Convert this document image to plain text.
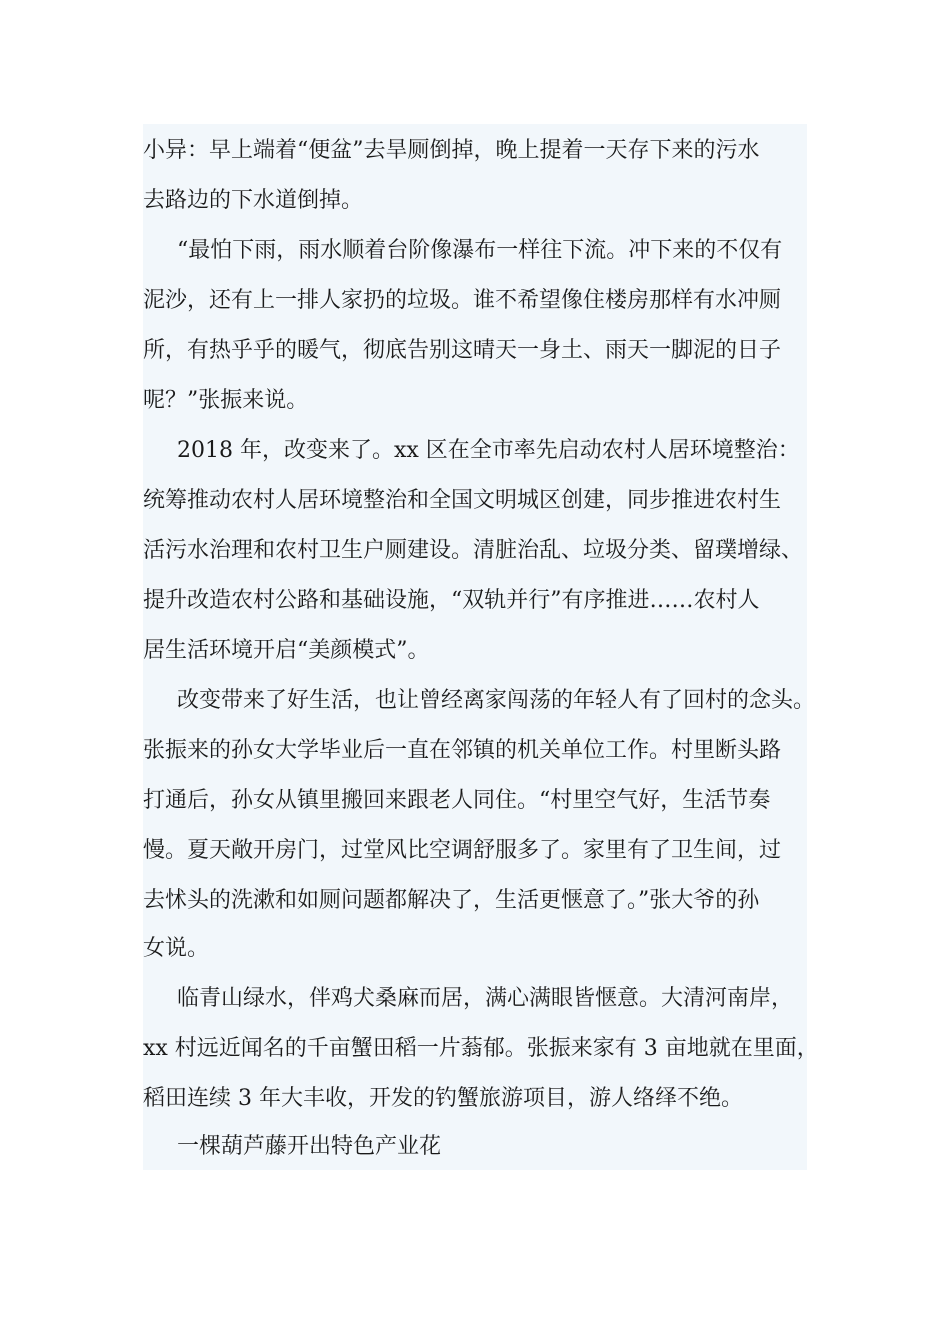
小异：早上端着“便盆”去旱厕倒掉，晚上提着一天存下来的污水
去路边的下水道倒掉。
“最怕下雨，雨水顺着台阶像瀑布一样往下流。冲下来的不仅有
泥沙，还有上一排人家扔的垃圾。谁不希望像住楼房那样有水冲厕
所，有热乎乎的暖气，彻底告别这晴天一身土、雨天一脚泥的日子
呢？”张振来说。
2018 年，改变来了。xx 区在全市率先启动农村人居环境整治：
统筹推动农村人居环境整治和全国文明城区创建，同步推进农村生
活污水治理和农村卫生户厕建设。清脏治乱、垃圾分类、留璞增绿、
提升改造农村公路和基础设施，“双轨并行”有序推进……农村人
居生活环境开启“美颜模式”。
改变带来了好生活，也让曾经离家闯荡的年轻人有了回村的念头。
张振来的孙女大学毕业后一直在邻镇的机关单位工作。村里断头路
打通后，孙女从镇里搬回来跟老人同住。“村里空气好，生活节奏
慢。夏天敞开房门，过堂风比空调舒服多了。家里有了卫生间，过
去怵头的洗漱和如厕问题都解决了，生活更惬意了。”张大爷的孙
女说。
临青山绿水，伴鸡犬桑麻而居，满心满眼皆惬意。大清河南岸，
xx 村远近闻名的千亩蟹田稻一片蓊郁。张振来家有 3 亩地就在里面，
稻田连续 3 年大丰收，开发的钓蟹旅游项目，游人络绎不绝。
一棵葫芦藤开出特色产业花
